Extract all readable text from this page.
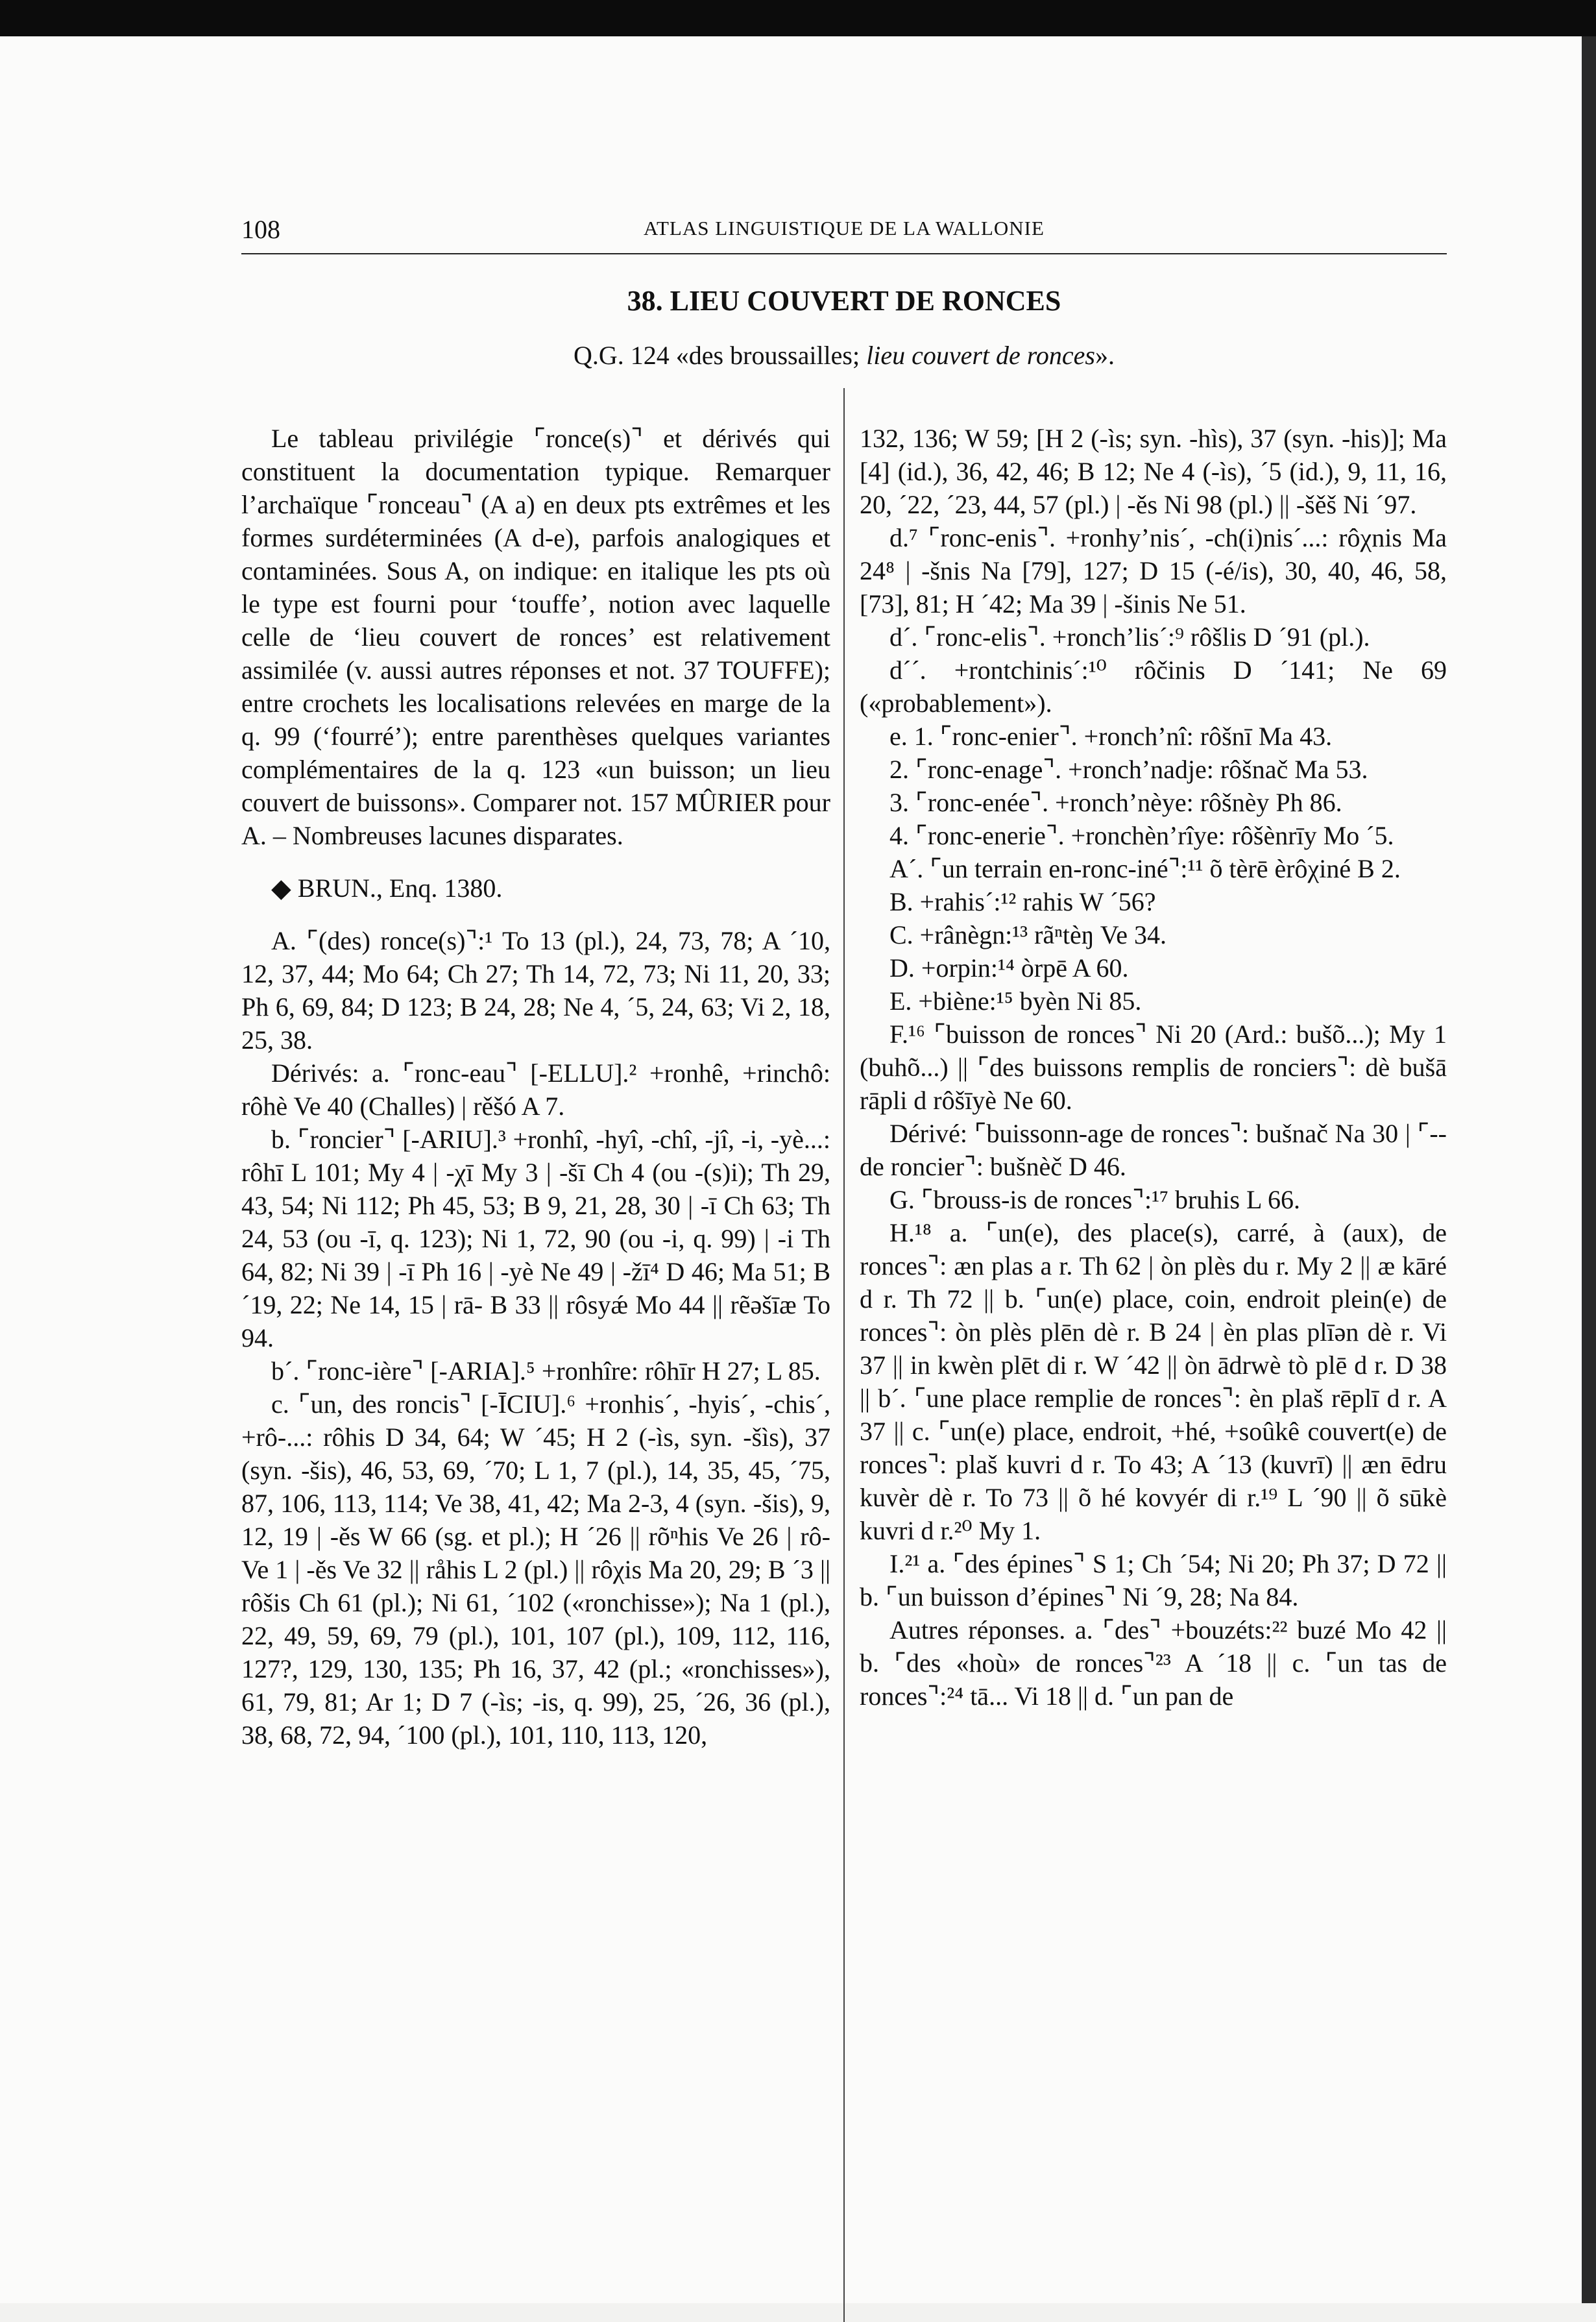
108	ATLAS LINGUISTIQUE DE LA WALLONIE
38. LIEU COUVERT DE RONCES
Q.G. 124 «des broussailles; lieu couvert de ronces».

Le tableau privilégie ⌜ronce(s)⌝ et dérivés qui constituent la documentation typique. Remarquer l’archaïque ⌜ronceau⌝ (A a) en deux pts extrêmes et les formes surdéterminées (A d-e), parfois analogiques et contaminées. Sous A, on indique: en italique les pts où le type est fourni pour ‘touffe’, notion avec laquelle celle de ‘lieu couvert de ronces’ est relativement assimilée (v. aussi autres réponses et not. 37 TOUFFE); entre crochets les localisations relevées en marge de la q. 99 (‘fourré’); entre parenthèses quelques variantes complémentaires de la q. 123 «un buisson; un lieu couvert de buissons». Comparer not. 157 MÛRIER pour A. – Nombreuses lacunes disparates.

◆ BRUN., Enq. 1380.

A. ⌜(des) ronce(s)⌝:¹ To 13 (pl.), 24, 73, 78; A ´10, 12, 37, 44; Mo 64; Ch 27; Th 14, 72, 73; Ni 11, 20, 33; Ph 6, 69, 84; D 123; B 24, 28; Ne 4, ´5, 24, 63; Vi 2, 18, 25, 38.

Dérivés: a. ⌜ronc-eau⌝ [-ELLU].² +ronhê, +rinchô: rôhè Ve 40 (Challes) | rěšó A 7.

b. ⌜roncier⌝ [-ARIU].³ +ronhî, -hyî, -chî, -jî, -i, -yè...: rôhī L 101; My 4 | -χī My 3 | -šī Ch 4 (ou -(s)i); Th 29, 43, 54; Ni 112; Ph 45, 53; B 9, 21, 28, 30 | -ī Ch 63; Th 24, 53 (ou -ī, q. 123); Ni 1, 72, 90 (ou -i, q. 99) | -i Th 64, 82; Ni 39 | -ī Ph 16 | -yè Ne 49 | -žī⁴ D 46; Ma 51; B ´19, 22; Ne 14, 15 | rā- B 33 || rôsyǽ Mo 44 || rẽəšīæ To 94.

b´. ⌜ronc-ière⌝ [-ARIA].⁵ +ronhîre: rôhīr H 27; L 85.

c. ⌜un, des roncis⌝ [-ĪCIU].⁶ +ronhis´, -hyis´, -chis´, +rô-...: rôhis D 34, 64; W ´45; H 2 (-ìs, syn. -šìs), 37 (syn. -šis), 46, 53, 69, ´70; L 1, 7 (pl.), 14, 35, 45, ´75, 87, 106, 113, 114; Ve 38, 41, 42; Ma 2-3, 4 (syn. -šis), 9, 12, 19 | -ěs W 66 (sg. et pl.); H ´26 || rõⁿhis Ve 26 | rô- Ve 1 | -ěs Ve 32 || råhis L 2 (pl.) || rôχis Ma 20, 29; B ´3 || rôšis Ch 61 (pl.); Ni 61, ´102 («ronchisse»); Na 1 (pl.), 22, 49, 59, 69, 79 (pl.), 101, 107 (pl.), 109, 112, 116, 127?, 129, 130, 135; Ph 16, 37, 42 (pl.; «ronchisses»), 61, 79, 81; Ar 1; D 7 (-ìs; -is, q. 99), 25, ´26, 36 (pl.), 38, 68, 72, 94, ´100 (pl.), 101, 110, 113, 120,

132, 136; W 59; [H 2 (-ìs; syn. -hìs), 37 (syn. -his)]; Ma [4] (id.), 36, 42, 46; B 12; Ne 4 (-ìs), ´5 (id.), 9, 11, 16, 20, ´22, ´23, 44, 57 (pl.) | -ěs Ni 98 (pl.) || -šěš Ni ´97.

d.⁷ ⌜ronc-enis⌝. +ronhy’nis´, -ch(i)nis´...: rôχnis Ma 24⁸ | -šnis Na [79], 127; D 15 (-é/is), 30, 40, 46, 58, [73], 81; H ´42; Ma 39 | -šinis Ne 51.

d´. ⌜ronc-elis⌝. +ronch’lis´:⁹ rôšlis D ´91 (pl.).

d´´. +rontchinis´:¹⁰ rôčinis D ´141; Ne 69 («probablement»).

e. 1. ⌜ronc-enier⌝. +ronch’nî: rôšnī Ma 43.

2. ⌜ronc-enage⌝. +ronch’nadje: rôšnač Ma 53.

3. ⌜ronc-enée⌝. +ronch’nèye: rôšnèy Ph 86.

4. ⌜ronc-enerie⌝. +ronchèn’rîye: rôšènrīy Mo ´5.

A´. ⌜un terrain en-ronc-iné⌝:¹¹ õ tèrē èrôχiné B 2.

B. +rahis´:¹² rahis W ´56?

C. +rânègn:¹³ rãⁿtèŋ Ve 34.

D. +orpin:¹⁴ òrpē A 60.

E. +biène:¹⁵ byèn Ni 85.

F.¹⁶ ⌜buisson de ronces⌝ Ni 20 (Ard.: bušõ...); My 1 (buhõ...) || ⌜des buissons remplis de ronciers⌝: dè bušā rāpli d rôšīyè Ne 60.

Dérivé: ⌜buissonn-age de ronces⌝: bušnač Na 30 | ⌜-- de roncier⌝: bušnèč D 46.

G. ⌜brouss-is de ronces⌝:¹⁷ bruhis L 66.

H.¹⁸ a. ⌜un(e), des place(s), carré, à (aux), de ronces⌝: æn plas a r. Th 62 | òn plès du r. My 2 || æ kāré d r. Th 72 || b. ⌜un(e) place, coin, endroit plein(e) de ronces⌝: òn plès plēn dè r. B 24 | èn plas plīən dè r. Vi 37 || in kwèn plēt di r. W ´42 || òn ādrwè tò plē d r. D 38 || b´. ⌜une place remplie de ronces⌝: èn plaš rēplī d r. A 37 || c. ⌜un(e) place, endroit, +hé, +soûkê couvert(e) de ronces⌝: plaš kuvri d r. To 43; A ´13 (kuvrī) || æn ēdru kuvèr dè r. To 73 || õ hé kovyér di r.¹⁹ L ´90 || õ sūkè kuvri d r.²⁰ My 1.

I.²¹ a. ⌜des épines⌝ S 1; Ch ´54; Ni 20; Ph 37; D 72 || b. ⌜un buisson d’épines⌝ Ni ´9, 28; Na 84.

Autres réponses. a. ⌜des⌝ +bouzéts:²² buzé Mo 42 || b. ⌜des «hoù» de ronces⌝²³ A ´18 || c. ⌜un tas de ronces⌝:²⁴ tā... Vi 18 || d. ⌜un pan de
